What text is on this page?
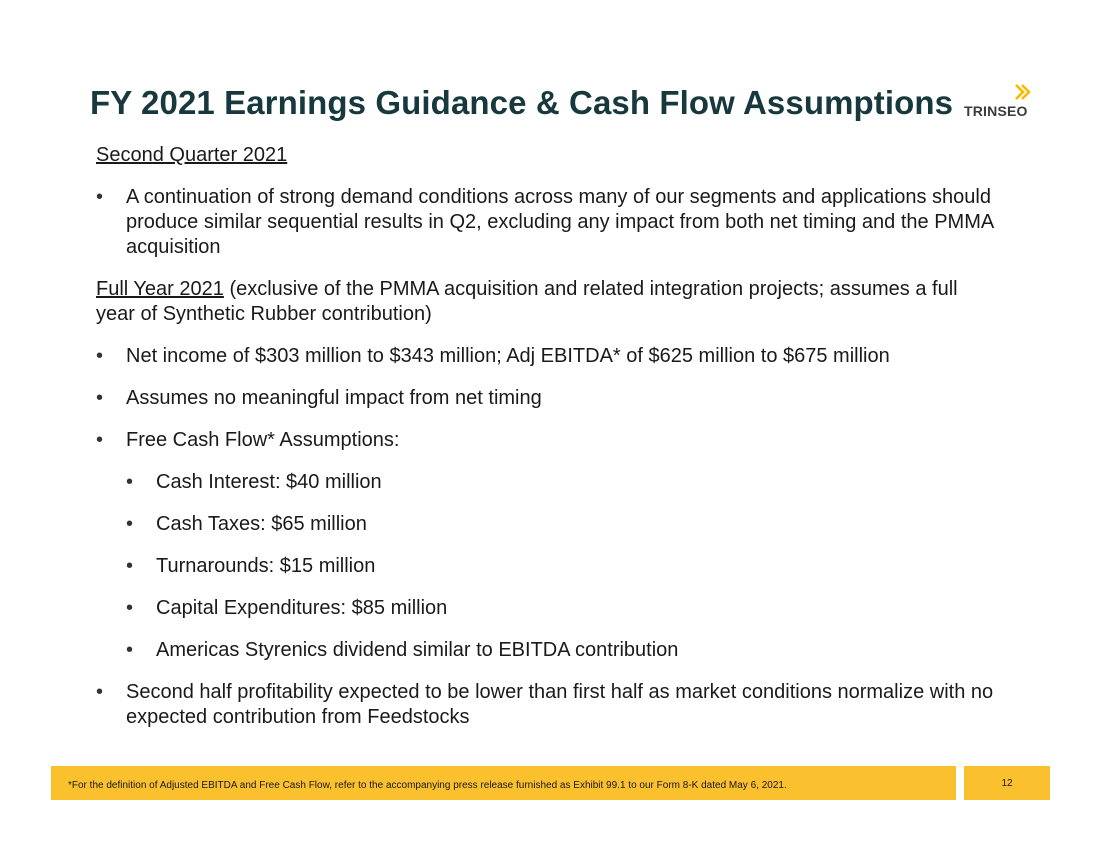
FY 2021 Earnings Guidance & Cash Flow Assumptions TRINSEO
Second Quarter 2021
• A continuation of strong demand conditions across many of our segments and applications should produce similar sequential results in Q2, excluding any impact from both net timing and the PMMA acquisition
Full Year 2021 (exclusive of the PMMA acquisition and related integration projects; assumes a full year of Synthetic Rubber contribution)
• Net income of $303 million to $343 million; Adj EBITDA* of $625 million to $675 million
• Assumes no meaningful impact from net timing
• Free Cash Flow* Assumptions:
• Cash Interest: $40 million
• Cash Taxes: $65 million
• Turnarounds: $15 million
• Capital Expenditures: $85 million
• Americas Styrenics dividend similar to EBITDA contribution
• Second half profitability expected to be lower than first half as market conditions normalize with no expected contribution from Feedstocks
*For the definition of Adjusted EBITDA and Free Cash Flow, refer to the accompanying press release furnished as Exhibit 99.1 to our Form 8-K dated May 6, 2021.	12
